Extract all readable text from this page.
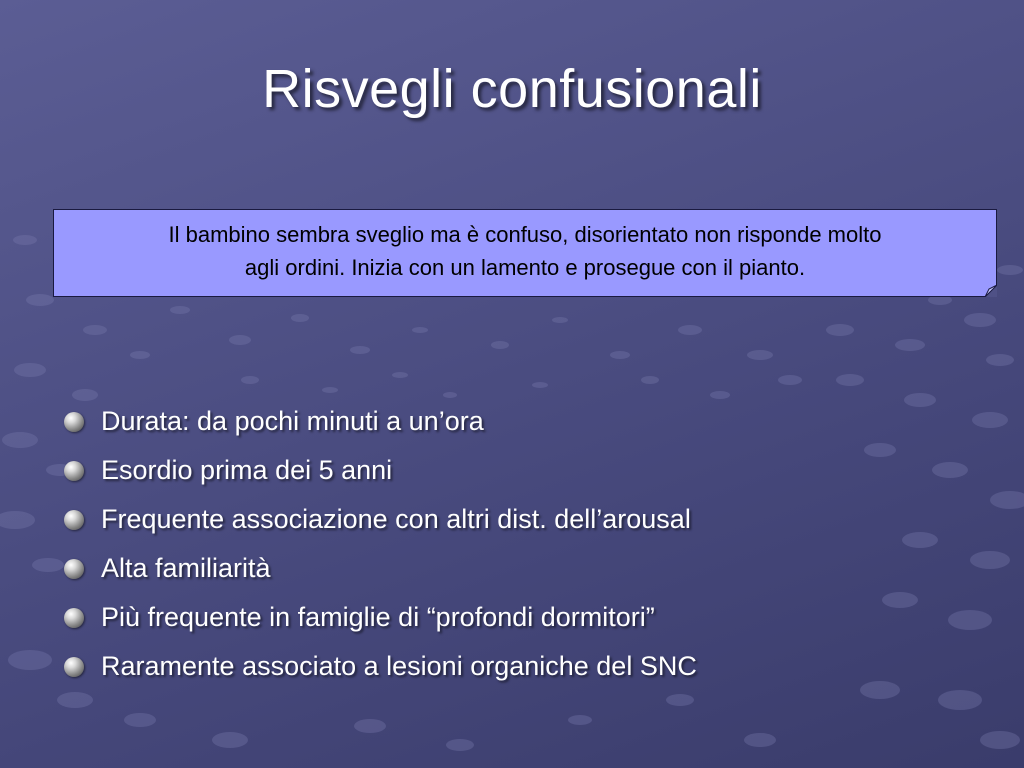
Risvegli confusionali
Il bambino sembra sveglio ma è confuso, disorientato non risponde molto
agli ordini. Inizia con un lamento e prosegue con il pianto.
Durata: da pochi minuti a un’ora
Esordio prima dei 5 anni
Frequente associazione con altri dist. dell’arousal
Alta familiarità
Più frequente in famiglie di “profondi dormitori”
Raramente associato a lesioni organiche del SNC
